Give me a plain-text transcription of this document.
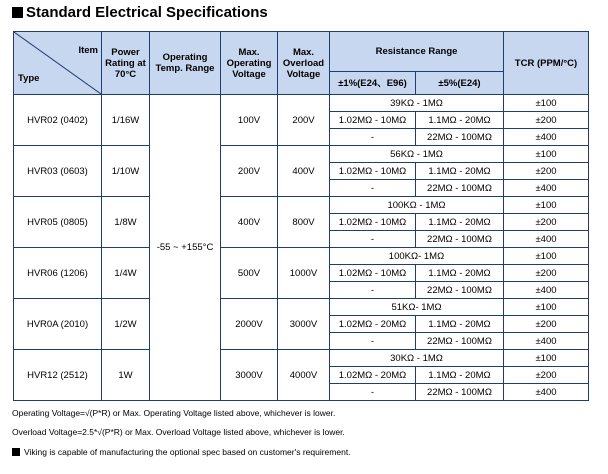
Standard Electrical Specifications
Item
Type	Power Rating at 70°C	Operating Temp. Range	Max. Operating Voltage	Max. Overload Voltage	Resistance Range		TCR (PPM/°C)
					±1%(E24、E96)	±5%(E24)	
HVR02 (0402)	1/16W	-55 ~ +155°C	100V	200V	39KΩ - 1MΩ		±100
					1.02MΩ - 10MΩ	1.1MΩ - 20MΩ	±200
					-	22MΩ - 100MΩ	±400
HVR03 (0603)	1/10W		200V	400V	56KΩ - 1MΩ		±100
					1.02MΩ - 10MΩ	1.1MΩ - 20MΩ	±200
					-	22MΩ - 100MΩ	±400
HVR05 (0805)	1/8W		400V	800V	100KΩ - 1MΩ		±100
					1.02MΩ - 10MΩ	1.1MΩ - 20MΩ	±200
					-	22MΩ - 100MΩ	±400
HVR06 (1206)	1/4W		500V	1000V	100KΩ- 1MΩ		±100
					1.02MΩ - 10MΩ	1.1MΩ - 20MΩ	±200
					-	22MΩ - 100MΩ	±400
HVR0A (2010)	1/2W		2000V	3000V	51KΩ- 1MΩ		±100
					1.02MΩ - 20MΩ	1.1MΩ - 20MΩ	±200
					-	22MΩ - 100MΩ	±400
HVR12 (2512)	1W		3000V	4000V	30KΩ - 1MΩ		±100
					1.02MΩ - 20MΩ	1.1MΩ - 20MΩ	±200
					-	22MΩ - 100MΩ	±400
Operating Voltage=√(P*R) or Max. Operating Voltage listed above, whichever is lower.
Overload Voltage=2.5*√(P*R) or Max. Overload Voltage listed above, whichever is lower.
Viking is capable of manufacturing the optional spec based on customer's requirement.
